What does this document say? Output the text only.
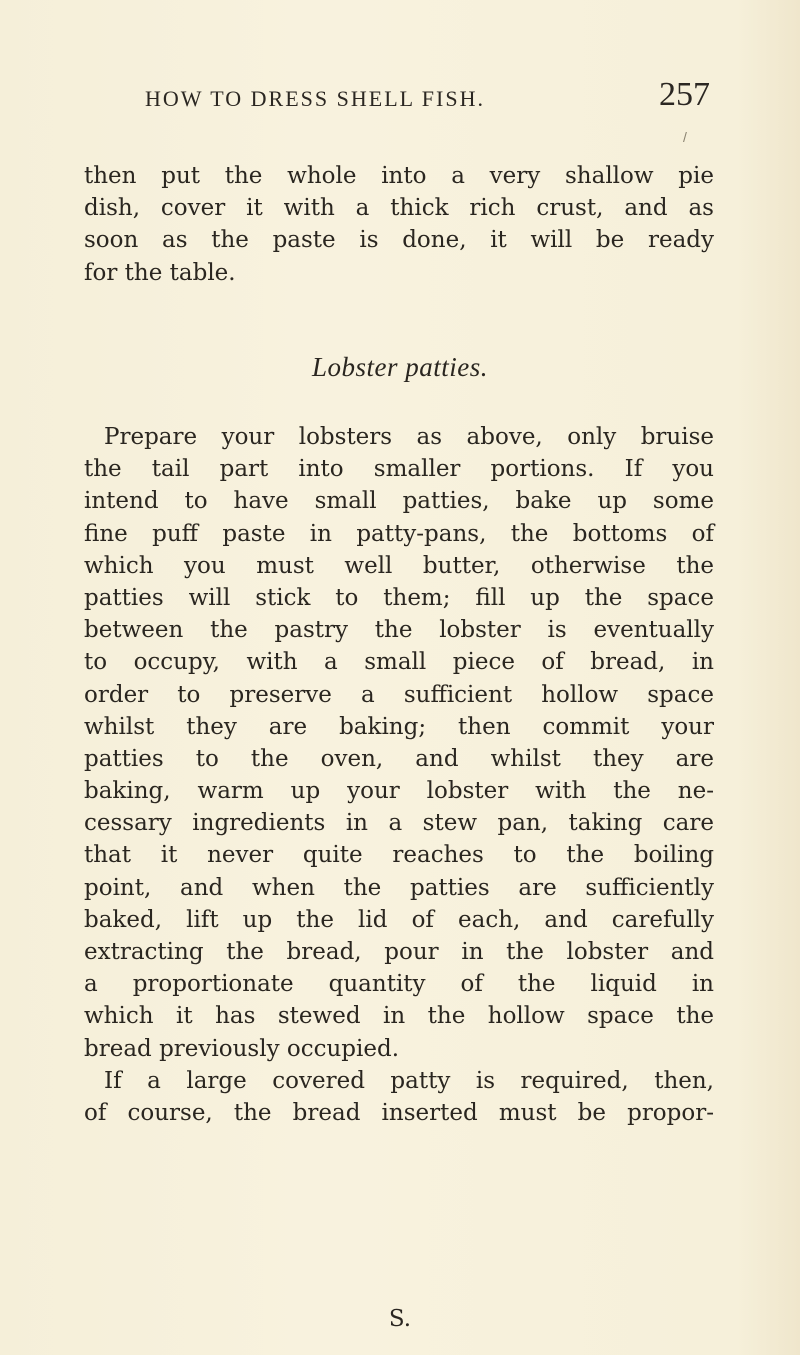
HOW TO DRESS SHELL FISH.	257
/
then put the whole into a very shallow pie
dish, cover it with a thick rich crust, and as
soon as the paste is done, it will be ready
for the table.
Lobster patties.
Prepare your lobsters as above, only bruise
the tail part into smaller portions. If you
intend to have small patties, bake up some
fine puff paste in patty-pans, the bottoms of
which you must well butter, otherwise the
patties will stick to them; fill up the space
between the pastry the lobster is eventually
to occupy, with a small piece of bread, in
order to preserve a sufficient hollow space
whilst they are baking; then commit your
patties to the oven, and whilst they are
baking, warm up your lobster with the ne-
cessary ingredients in a stew pan, taking care
that it never quite reaches to the boiling
point, and when the patties are sufficiently
baked, lift up the lid of each, and carefully
extracting the bread, pour in the lobster and
a proportionate quantity of the liquid in
which it has stewed in the hollow space the
bread previously occupied.
If a large covered patty is required, then,
of course, the bread inserted must be propor-
S.
